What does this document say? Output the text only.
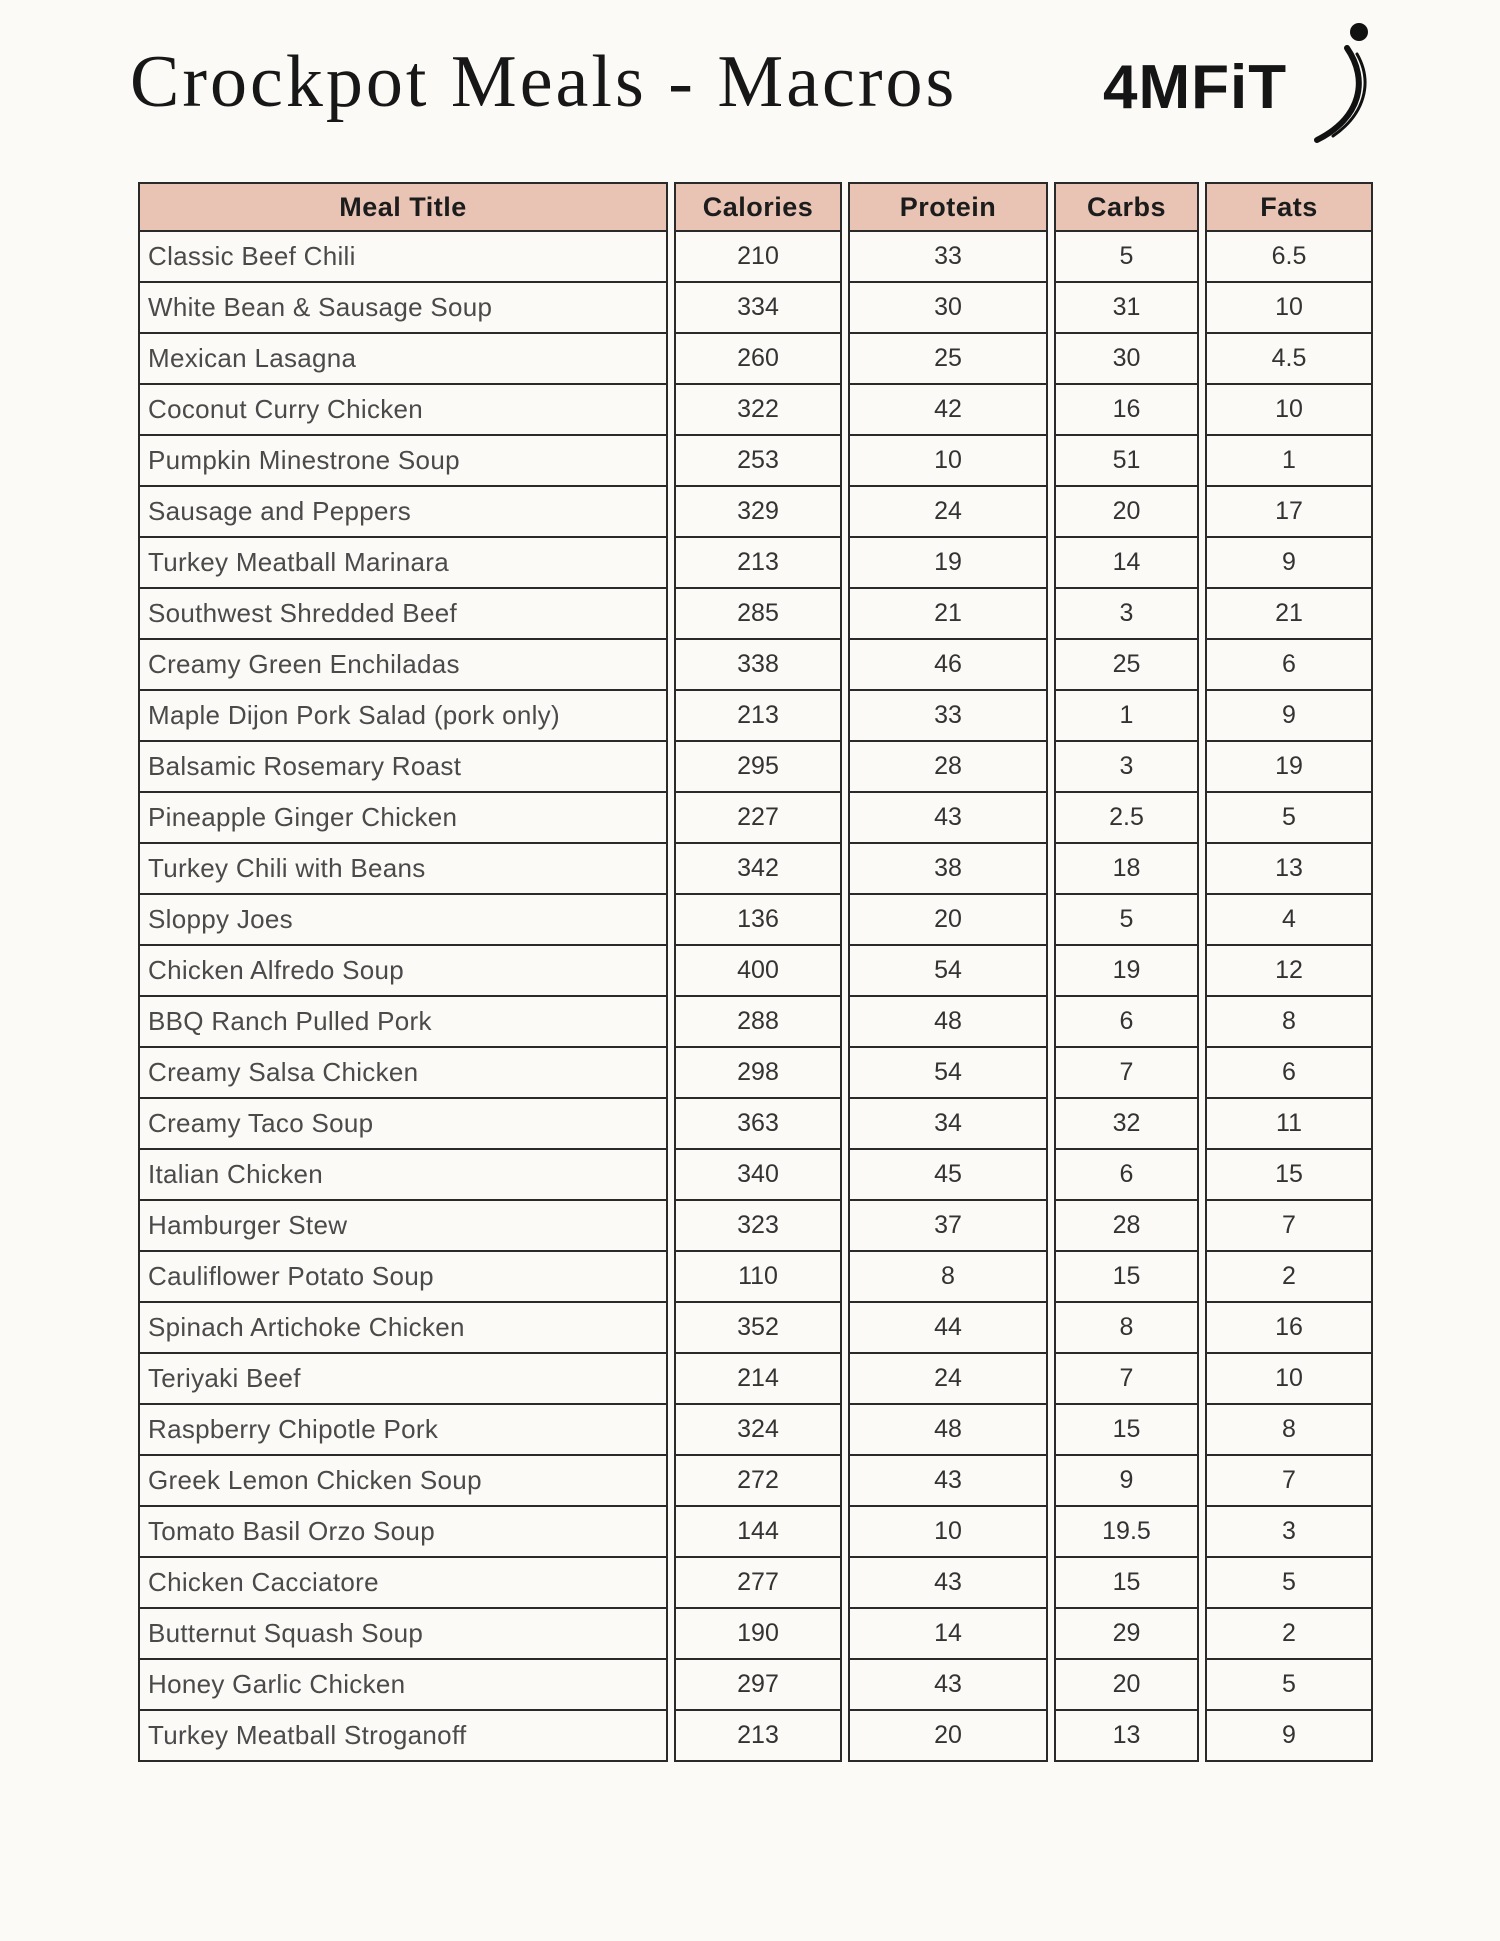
Crockpot Meals - Macros 4MFiT
Meal Title	Calories	Protein	Carbs	Fats
Classic Beef Chili	210	33	5	6.5
White Bean & Sausage Soup	334	30	31	10
Mexican Lasagna	260	25	30	4.5
Coconut Curry Chicken	322	42	16	10
Pumpkin Minestrone Soup	253	10	51	1
Sausage and Peppers	329	24	20	17
Turkey Meatball Marinara	213	19	14	9
Southwest Shredded Beef	285	21	3	21
Creamy Green Enchiladas	338	46	25	6
Maple Dijon Pork Salad (pork only)	213	33	1	9
Balsamic Rosemary Roast	295	28	3	19
Pineapple Ginger Chicken	227	43	2.5	5
Turkey Chili with Beans	342	38	18	13
Sloppy Joes	136	20	5	4
Chicken Alfredo Soup	400	54	19	12
BBQ Ranch Pulled Pork	288	48	6	8
Creamy Salsa Chicken	298	54	7	6
Creamy Taco Soup	363	34	32	11
Italian Chicken	340	45	6	15
Hamburger Stew	323	37	28	7
Cauliflower Potato Soup	110	8	15	2
Spinach Artichoke Chicken	352	44	8	16
Teriyaki Beef	214	24	7	10
Raspberry Chipotle Pork	324	48	15	8
Greek Lemon Chicken Soup	272	43	9	7
Tomato Basil Orzo Soup	144	10	19.5	3
Chicken Cacciatore	277	43	15	5
Butternut Squash Soup	190	14	29	2
Honey Garlic Chicken	297	43	20	5
Turkey Meatball Stroganoff	213	20	13	9
